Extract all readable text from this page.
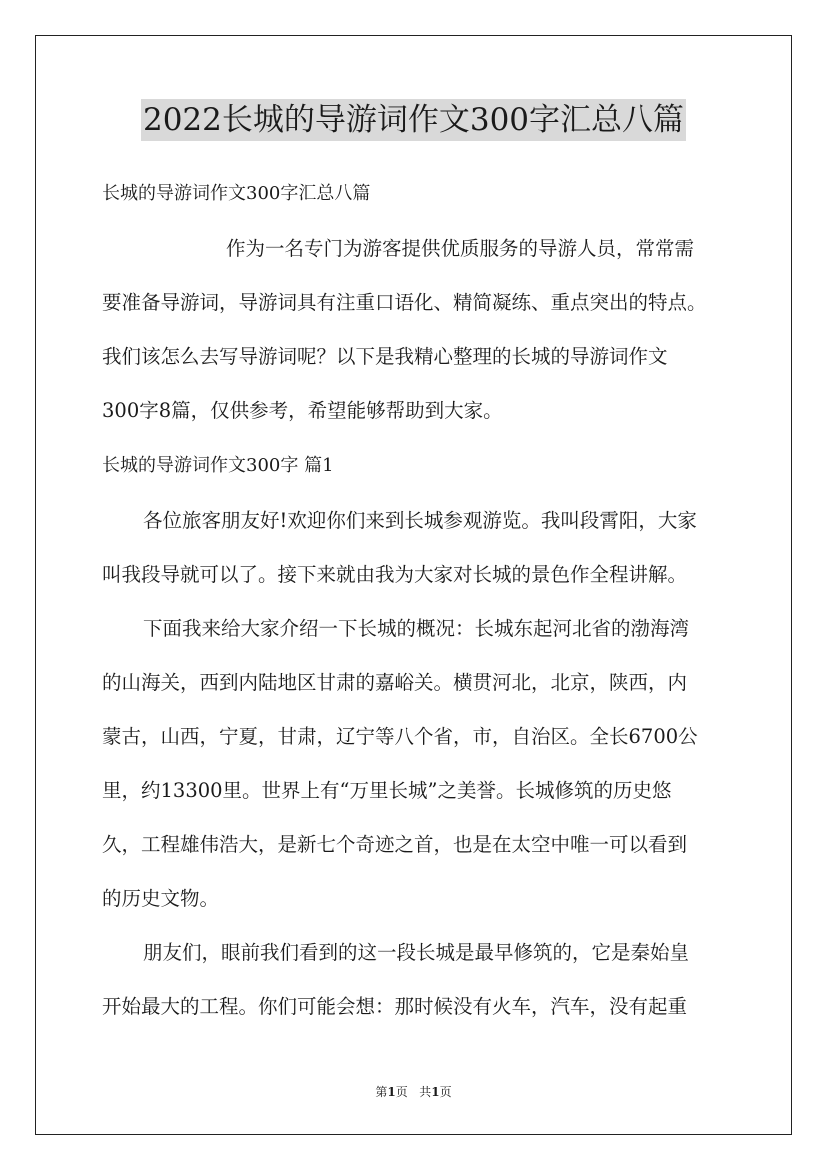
2022长城的导游词作文300字汇总八篇
长城的导游词作文300字汇总八篇
作为一名专门为游客提供优质服务的导游人员，常常需
要准备导游词，导游词具有注重口语化、精简凝练、重点突出的特点。
我们该怎么去写导游词呢？以下是我精心整理的长城的导游词作文
300字8篇，仅供参考，希望能够帮助到大家。
长城的导游词作文300字 篇1
各位旅客朋友好!欢迎你们来到长城参观游览。我叫段霄阳，大家
叫我段导就可以了。接下来就由我为大家对长城的景色作全程讲解。
下面我来给大家介绍一下长城的概况：长城东起河北省的渤海湾
的山海关，西到内陆地区甘肃的嘉峪关。横贯河北，北京，陕西，内
蒙古，山西，宁夏，甘肃，辽宁等八个省，市，自治区。全长6700公
里，约13300里。世界上有“万里长城”之美誉。长城修筑的历史悠
久，工程雄伟浩大，是新七个奇迹之首，也是在太空中唯一可以看到
的历史文物。
朋友们，眼前我们看到的这一段长城是最早修筑的，它是秦始皇
开始最大的工程。你们可能会想：那时候没有火车，汽车，没有起重
第1页 共1页
